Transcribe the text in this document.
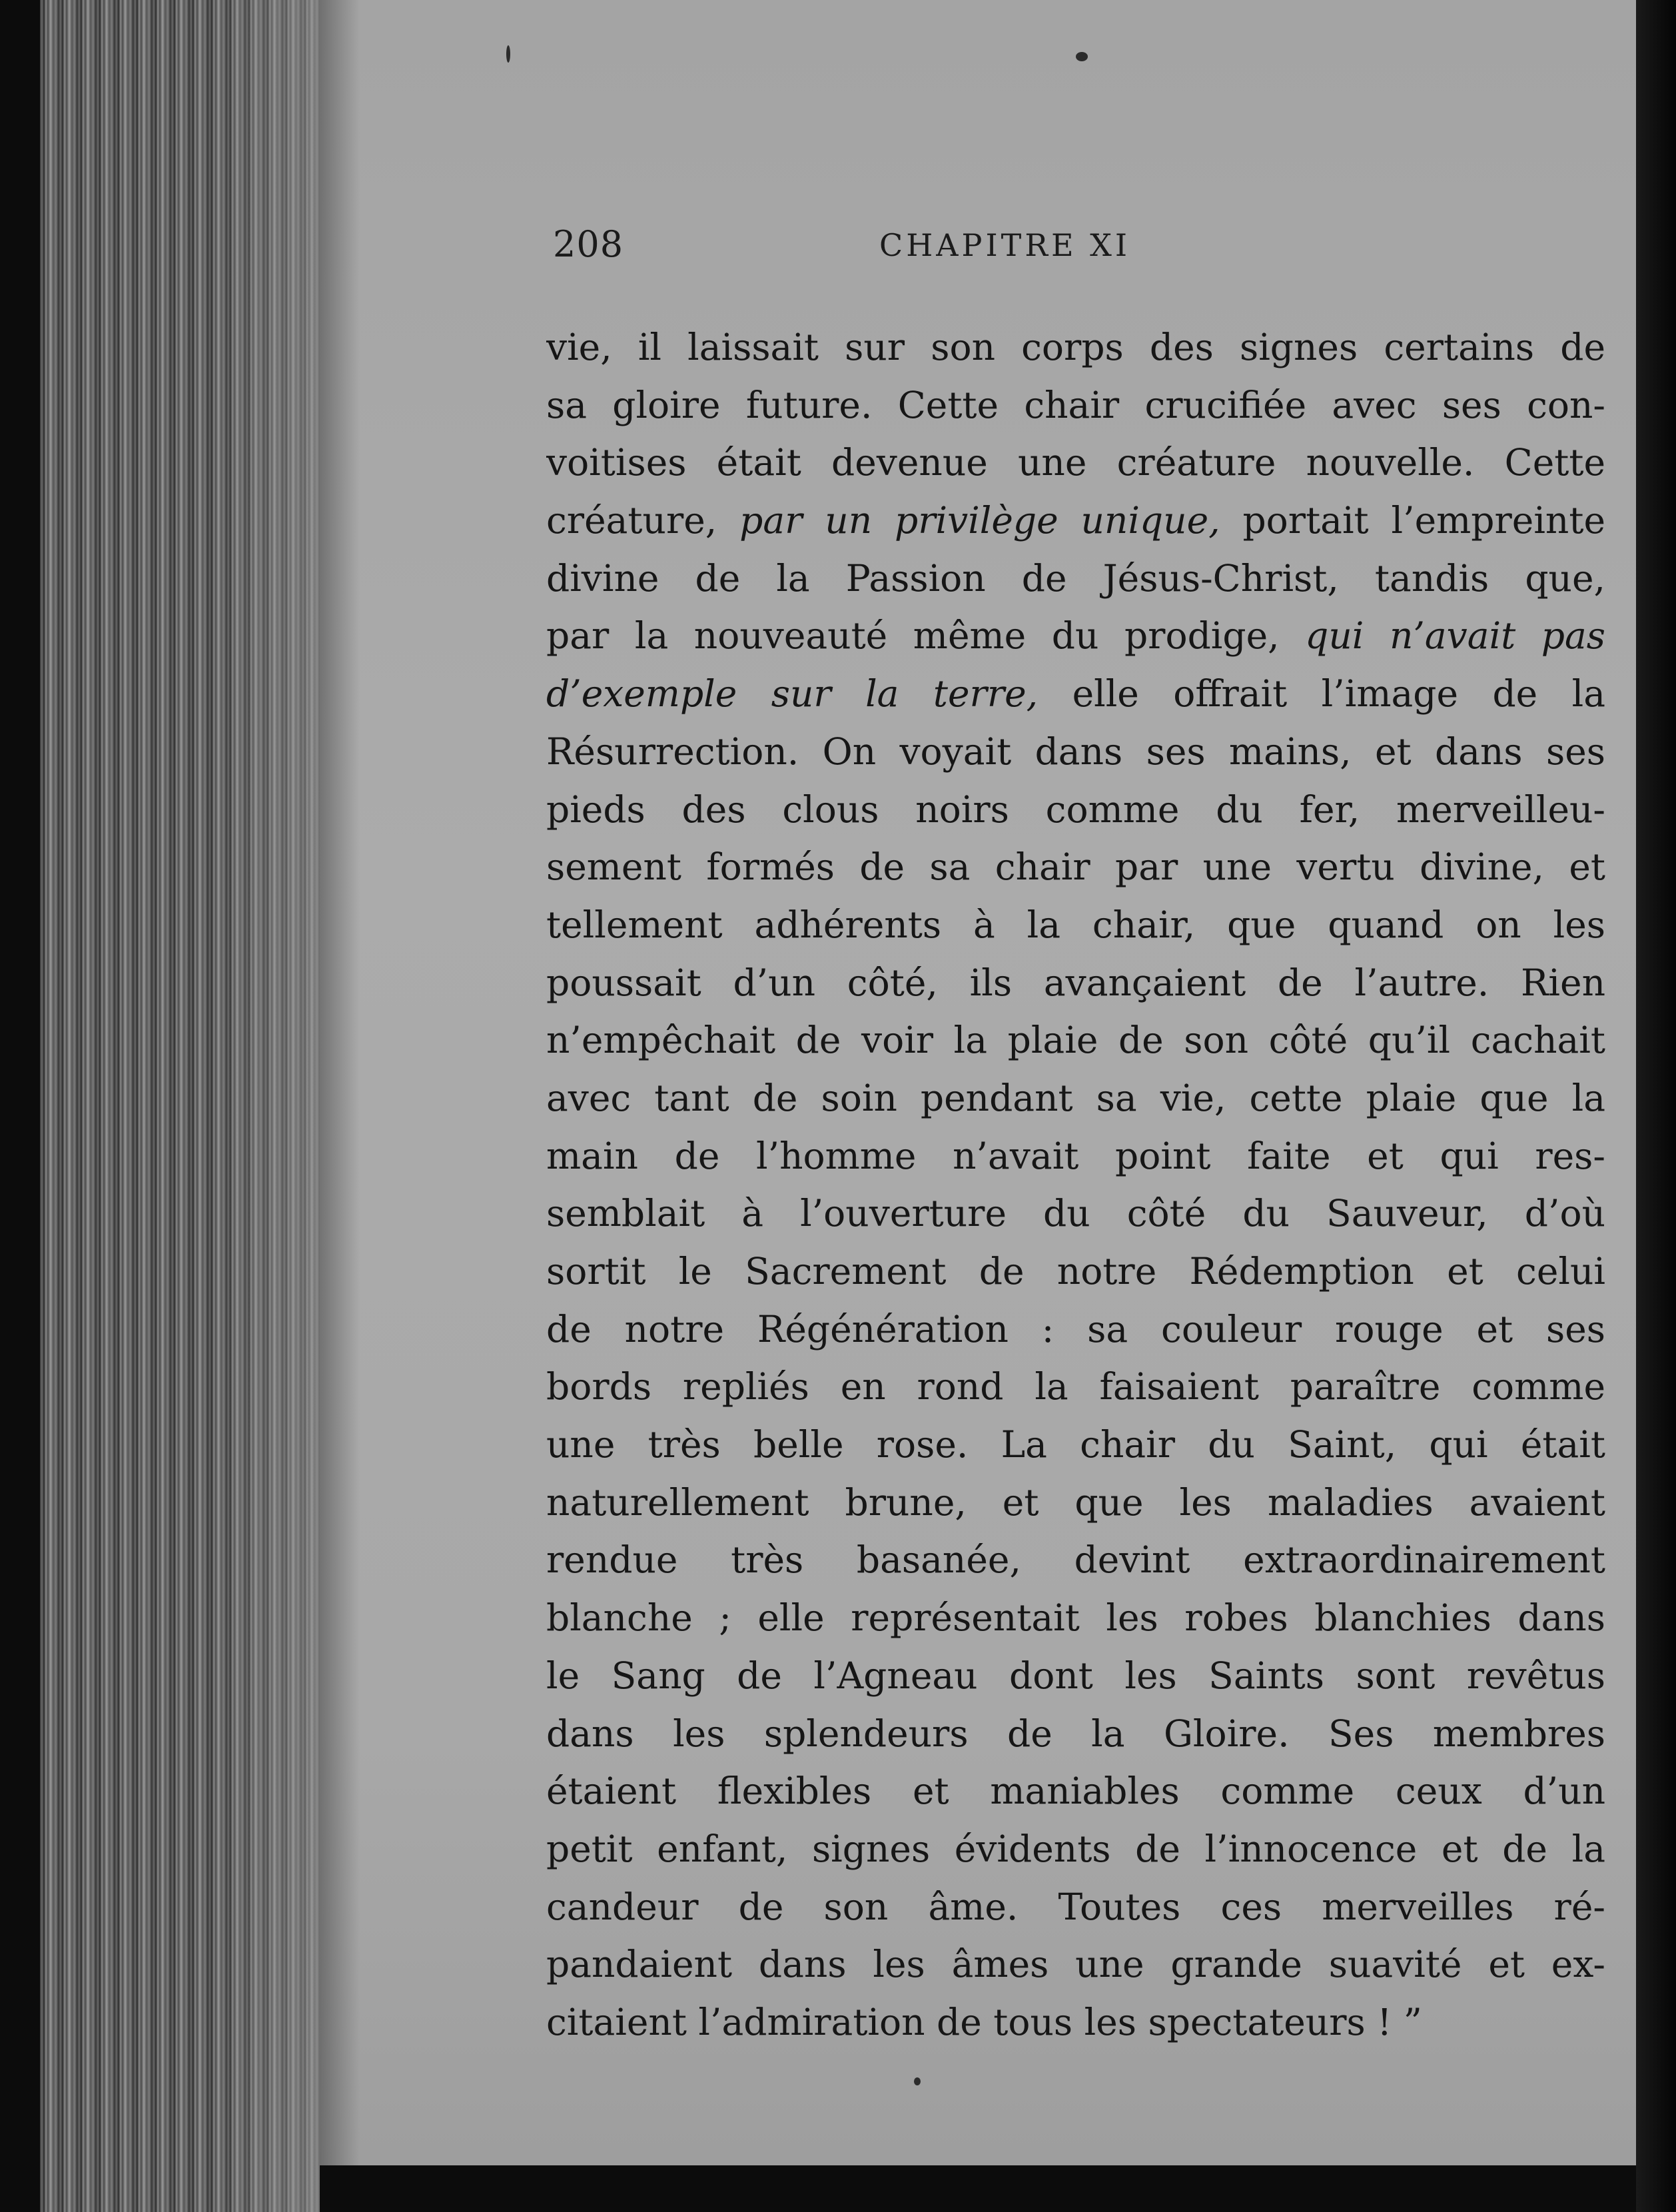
208	CHAPITRE XI
vie, il laissait sur son corps des signes certains de
sa gloire future. Cette chair crucifiée avec ses con-
voitises était devenue une créature nouvelle. Cette
créature, par un privilège unique, portait l’empreinte
divine de la Passion de Jésus-Christ, tandis que,
par la nouveauté même du prodige, qui n’avait pas
d’exemple sur la terre, elle offrait l’image de la
Résurrection. On voyait dans ses mains, et dans ses
pieds des clous noirs comme du fer, merveilleu-
sement formés de sa chair par une vertu divine, et
tellement adhérents à la chair, que quand on les
poussait d’un côté, ils avançaient de l’autre. Rien
n’empêchait de voir la plaie de son côté qu’il cachait
avec tant de soin pendant sa vie, cette plaie que la
main de l’homme n’avait point faite et qui res-
semblait à l’ouverture du côté du Sauveur, d’où
sortit le Sacrement de notre Rédemption et celui
de notre Régénération : sa couleur rouge et ses
bords repliés en rond la faisaient paraître comme
une très belle rose. La chair du Saint, qui était
naturellement brune, et que les maladies avaient
rendue très basanée, devint extraordinairement
blanche ; elle représentait les robes blanchies dans
le Sang de l’Agneau dont les Saints sont revêtus
dans les splendeurs de la Gloire. Ses membres
étaient flexibles et maniables comme ceux d’un
petit enfant, signes évidents de l’innocence et de la
candeur de son âme. Toutes ces merveilles ré-
pandaient dans les âmes une grande suavité et ex-
citaient l’admiration de tous les spectateurs ! ”
